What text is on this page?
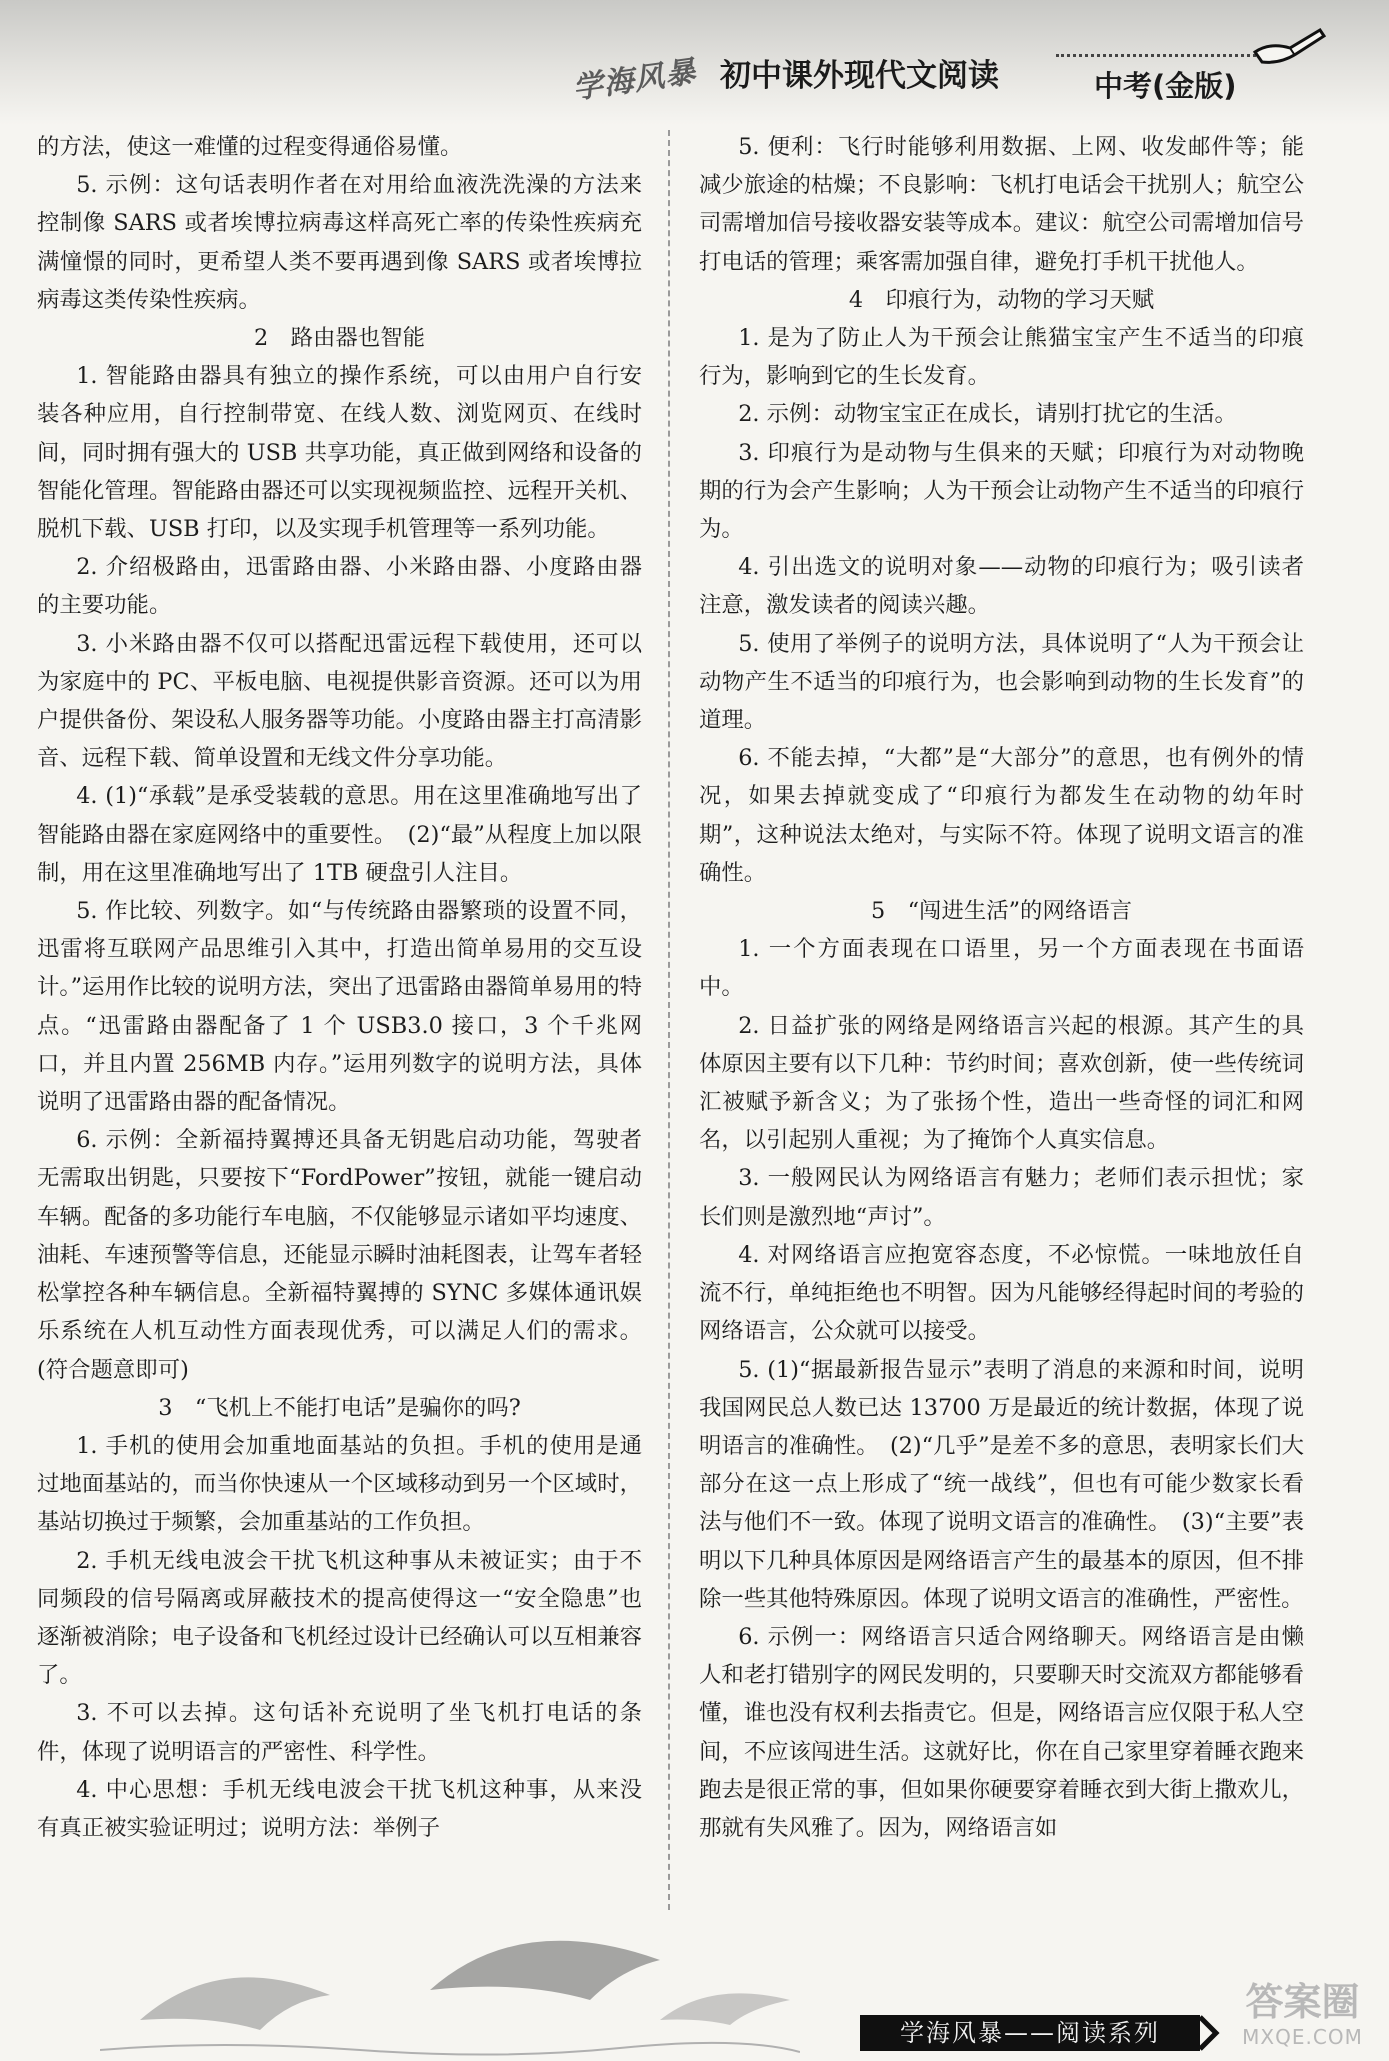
学海风暴 初中课外现代文阅读	中考(金版)

的方法，使这一难懂的过程变得通俗易懂。

5. 示例：这句话表明作者在对用给血液洗洗澡的方法来控制像 SARS 或者埃博拉病毒这样高死亡率的传染性疾病充满憧憬的同时，更希望人类不要再遇到像 SARS 或者埃博拉病毒这类传染性疾病。

2　路由器也智能

1. 智能路由器具有独立的操作系统，可以由用户自行安装各种应用，自行控制带宽、在线人数、浏览网页、在线时间，同时拥有强大的 USB 共享功能，真正做到网络和设备的智能化管理。智能路由器还可以实现视频监控、远程开关机、脱机下载、USB 打印，以及实现手机管理等一系列功能。

2. 介绍极路由，迅雷路由器、小米路由器、小度路由器的主要功能。

3. 小米路由器不仅可以搭配迅雷远程下载使用，还可以为家庭中的 PC、平板电脑、电视提供影音资源。还可以为用户提供备份、架设私人服务器等功能。小度路由器主打高清影音、远程下载、简单设置和无线文件分享功能。

4. (1)“承载”是承受装载的意思。用在这里准确地写出了智能路由器在家庭网络中的重要性。　(2)“最”从程度上加以限制，用在这里准确地写出了 1TB 硬盘引人注目。

5. 作比较、列数字。如“与传统路由器繁琐的设置不同，迅雷将互联网产品思维引入其中，打造出简单易用的交互设计。”运用作比较的说明方法，突出了迅雷路由器简单易用的特点。“迅雷路由器配备了 1 个 USB3.0 接口，3 个千兆网口，并且内置 256MB 内存。”运用列数字的说明方法，具体说明了迅雷路由器的配备情况。

6. 示例：全新福持翼搏还具备无钥匙启动功能，驾驶者无需取出钥匙，只要按下“FordPower”按钮，就能一键启动车辆。配备的多功能行车电脑，不仅能够显示诸如平均速度、油耗、车速预警等信息，还能显示瞬时油耗图表，让驾车者轻松掌控各种车辆信息。全新福特翼搏的 SYNC 多媒体通讯娱乐系统在人机互动性方面表现优秀，可以满足人们的需求。(符合题意即可)

3　“飞机上不能打电话”是骗你的吗?

1. 手机的使用会加重地面基站的负担。手机的使用是通过地面基站的，而当你快速从一个区域移动到另一个区域时，基站切换过于频繁，会加重基站的工作负担。

2. 手机无线电波会干扰飞机这种事从未被证实；由于不同频段的信号隔离或屏蔽技术的提高使得这一“安全隐患”也逐渐被消除；电子设备和飞机经过设计已经确认可以互相兼容了。

3. 不可以去掉。这句话补充说明了坐飞机打电话的条件，体现了说明语言的严密性、科学性。

4. 中心思想：手机无线电波会干扰飞机这种事，从来没有真正被实验证明过；说明方法：举例子

5. 便利：飞行时能够利用数据、上网、收发邮件等；能减少旅途的枯燥；不良影响：飞机打电话会干扰别人；航空公司需增加信号接收器安装等成本。建议：航空公司需增加信号打电话的管理；乘客需加强自律，避免打手机干扰他人。

4　印痕行为，动物的学习天赋

1. 是为了防止人为干预会让熊猫宝宝产生不适当的印痕行为，影响到它的生长发育。

2. 示例：动物宝宝正在成长，请别打扰它的生活。

3. 印痕行为是动物与生俱来的天赋；印痕行为对动物晚期的行为会产生影响；人为干预会让动物产生不适当的印痕行为。

4. 引出选文的说明对象——动物的印痕行为；吸引读者注意，激发读者的阅读兴趣。

5. 使用了举例子的说明方法，具体说明了“人为干预会让动物产生不适当的印痕行为，也会影响到动物的生长发育”的道理。

6. 不能去掉，“大都”是“大部分”的意思，也有例外的情况，如果去掉就变成了“印痕行为都发生在动物的幼年时期”，这种说法太绝对，与实际不符。体现了说明文语言的准确性。

5　“闯进生活”的网络语言

1. 一个方面表现在口语里，另一个方面表现在书面语中。

2. 日益扩张的网络是网络语言兴起的根源。其产生的具体原因主要有以下几种：节约时间；喜欢创新，使一些传统词汇被赋予新含义；为了张扬个性，造出一些奇怪的词汇和网名，以引起别人重视；为了掩饰个人真实信息。

3. 一般网民认为网络语言有魅力；老师们表示担忧；家长们则是激烈地“声讨”。

4. 对网络语言应抱宽容态度，不必惊慌。一味地放任自流不行，单纯拒绝也不明智。因为凡能够经得起时间的考验的网络语言，公众就可以接受。

5. (1)“据最新报告显示”表明了消息的来源和时间，说明我国网民总人数已达 13700 万是最近的统计数据，体现了说明语言的准确性。　(2)“几乎”是差不多的意思，表明家长们大部分在这一点上形成了“统一战线”，但也有可能少数家长看法与他们不一致。体现了说明文语言的准确性。　(3)“主要”表明以下几种具体原因是网络语言产生的最基本的原因，但不排除一些其他特殊原因。体现了说明文语言的准确性，严密性。

6. 示例一：网络语言只适合网络聊天。网络语言是由懒人和老打错别字的网民发明的，只要聊天时交流双方都能够看懂，谁也没有权利去指责它。但是，网络语言应仅限于私人空间，不应该闯进生活。这就好比，你在自己家里穿着睡衣跑来跑去是很正常的事，但如果你硬要穿着睡衣到大街上撒欢儿，那就有失风雅了。因为，网络语言如

学海风暴——阅读系列
答案圈
MXQE.COM
